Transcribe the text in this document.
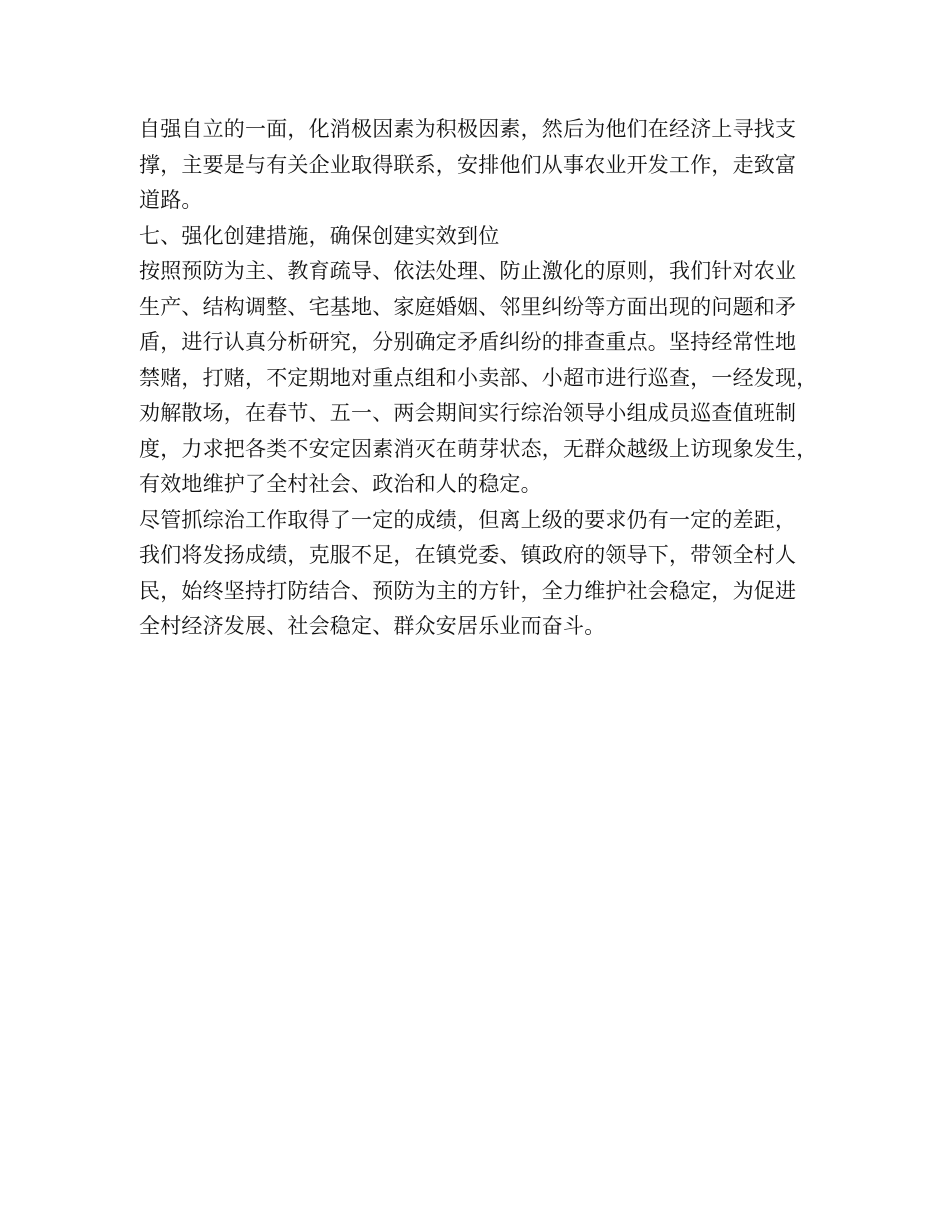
自强自立的一面，化消极因素为积极因素，然后为他们在经济上寻找支
撑，主要是与有关企业取得联系，安排他们从事农业开发工作，走致富
道路。
七、强化创建措施，确保创建实效到位
按照预防为主、教育疏导、依法处理、防止激化的原则，我们针对农业
生产、结构调整、宅基地、家庭婚姻、邻里纠纷等方面出现的问题和矛
盾，进行认真分析研究，分别确定矛盾纠纷的排查重点。坚持经常性地
禁赌，打赌，不定期地对重点组和小卖部、小超市进行巡查，一经发现，
劝解散场，在春节、五一、两会期间实行综治领导小组成员巡查值班制
度，力求把各类不安定因素消灭在萌芽状态，无群众越级上访现象发生，
有效地维护了全村社会、政治和人的稳定。
尽管抓综治工作取得了一定的成绩，但离上级的要求仍有一定的差距，
我们将发扬成绩，克服不足，在镇党委、镇政府的领导下，带领全村人
民，始终坚持打防结合、预防为主的方针，全力维护社会稳定，为促进
全村经济发展、社会稳定、群众安居乐业而奋斗。
